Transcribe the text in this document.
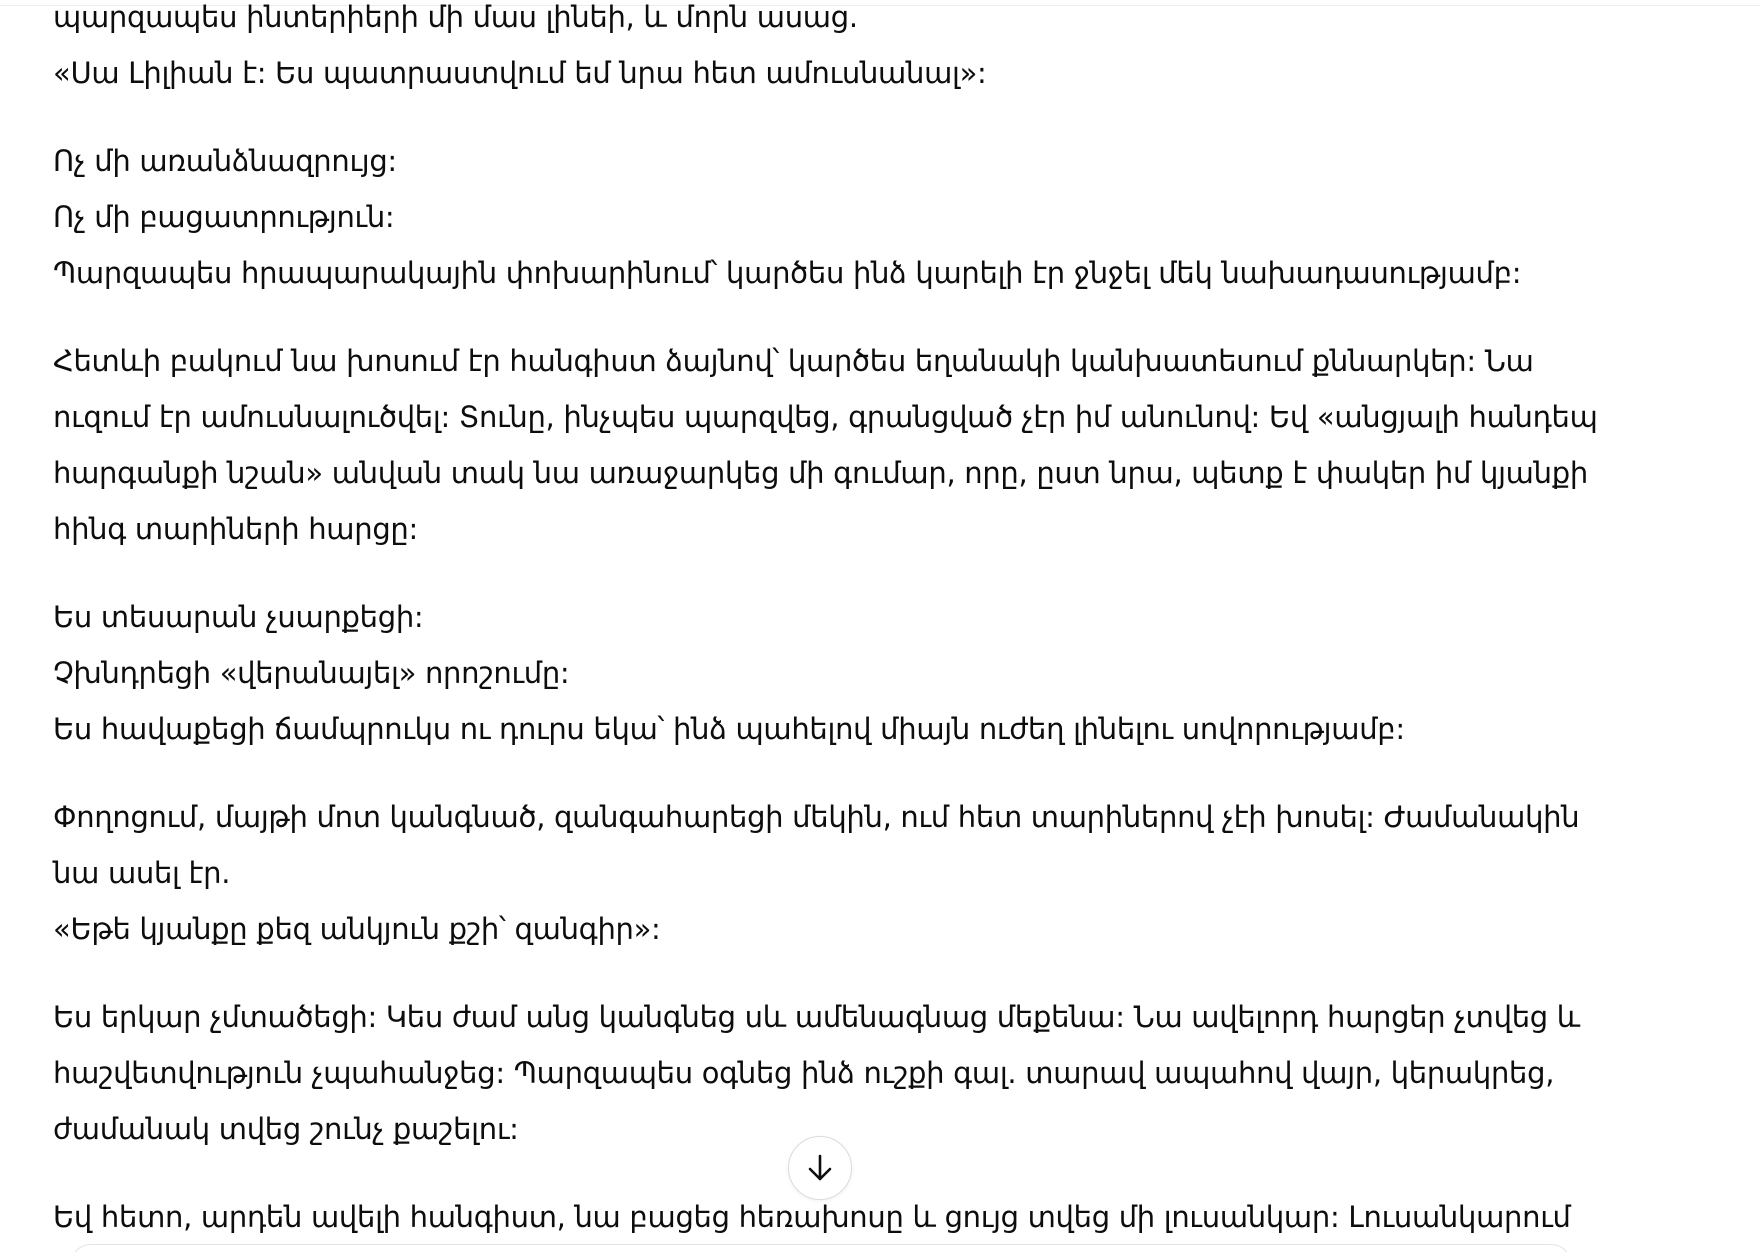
պարզապես ինտերիերի մի մաս լինեի, և մորն ասաց.
«Սա Լիլիան է: Ես պատրաստվում եմ նրա հետ ամուսնանալ»:
Ոչ մի առանձնազրույց:
Ոչ մի բացատրություն:
Պարզապես հրապարակային փոխարինում՝ կարծես ինձ կարելի էր ջնջել մեկ նախադասությամբ:
Հետևի բակում նա խոսում էր հանգիստ ձայնով՝ կարծես եղանակի կանխատեսում քննարկեր: Նա
ուզում էր ամուսնալուծվել: Տունը, ինչպես պարզվեց, գրանցված չէր իմ անունով: Եվ «անցյալի հանդեպ
հարգանքի նշան» անվան տակ նա առաջարկեց մի գումար, որը, ըստ նրա, պետք է փակեր իմ կյանքի
հինգ տարիների հարցը:
Ես տեսարան չսարքեցի:
Չխնդրեցի «վերանայել» որոշումը:
Ես հավաքեցի ճամպրուկս ու դուրս եկա՝ ինձ պահելով միայն ուժեղ լինելու սովորությամբ:
Փողոցում, մայթի մոտ կանգնած, զանգահարեցի մեկին, ում հետ տարիներով չէի խոսել: Ժամանակին
նա ասել էր.
«Եթե կյանքը քեզ անկյուն քշի՝ զանգիր»:
Ես երկար չմտածեցի: Կես ժամ անց կանգնեց սև ամենագնաց մեքենա: Նա ավելորդ հարցեր չտվեց և
հաշվետվություն չպահանջեց: Պարզապես օգնեց ինձ ուշքի գալ. տարավ ապահով վայր, կերակրեց,
ժամանակ տվեց շունչ քաշելու:
Եվ հետո, արդեն ավելի հանգիստ, նա բացեց հեռախոսը և ցույց տվեց մի լուսանկար: Լուսանկարում
